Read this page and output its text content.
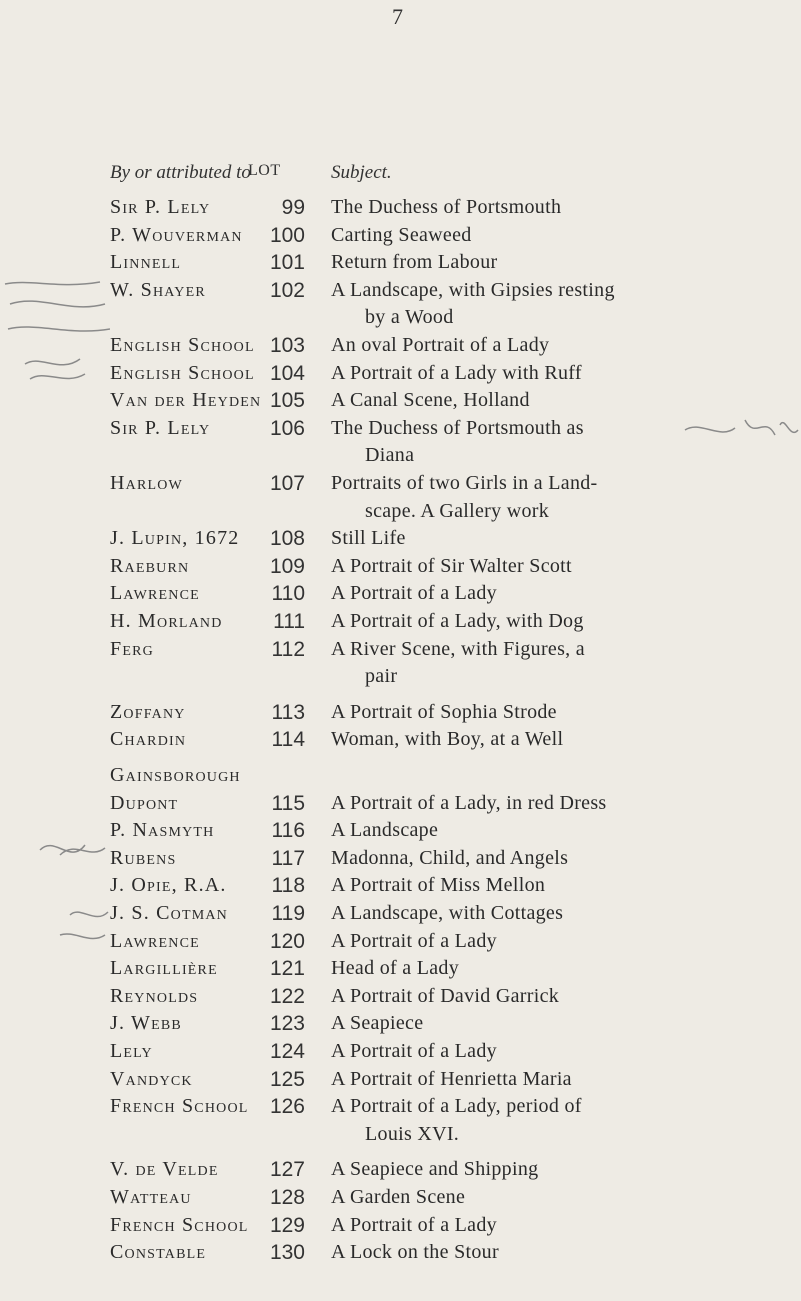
7
By or attributed to
LOT	Subject.
Sir P. Lely	99 The Duchess of Portsmouth
P. Wouverman	100 Carting Seaweed
Linnell	101 Return from Labour
W. Shayer	102 A Landscape, with Gipsies resting
by a Wood
English School 103 An oval Portrait of a Lady
English School 104 A Portrait of a Lady with Ruff
Van der Heyden 105 A Canal Scene, Holland
Sir P. Lely	106 The Duchess of Portsmouth as
Diana
Harlow	107 Portraits of two Girls in a Land-
scape. A Gallery work
J. Lupin, 1672	108 Still Life
Raeburn	109 A Portrait of Sir Walter Scott
Lawrence	110 A Portrait of a Lady
H. Morland	111 A Portrait of a Lady, with Dog
Ferg	112 A River Scene, with Figures, a
pair
Zoffany	113 A Portrait of Sophia Strode
Chardin	114 Woman, with Boy, at a Well
Gainsborough
Dupont	115 A Portrait of a Lady, in red Dress
P. Nasmyth	116 A Landscape
Rubens	117 Madonna, Child, and Angels
J. Opie, R.A.	118 A Portrait of Miss Mellon
J. S. Cotman	119 A Landscape, with Cottages
Lawrence	120 A Portrait of a Lady
Largillière	121 Head of a Lady
Reynolds	122 A Portrait of David Garrick
J. Webb	123 A Seapiece
Lely	124 A Portrait of a Lady
Vandyck	125 A Portrait of Henrietta Maria
French School	126 A Portrait of a Lady, period of
Louis XVI.
V. de Velde	127 A Seapiece and Shipping
Watteau	128 A Garden Scene
French School	129 A Portrait of a Lady
Constable	130 A Lock on the Stour
